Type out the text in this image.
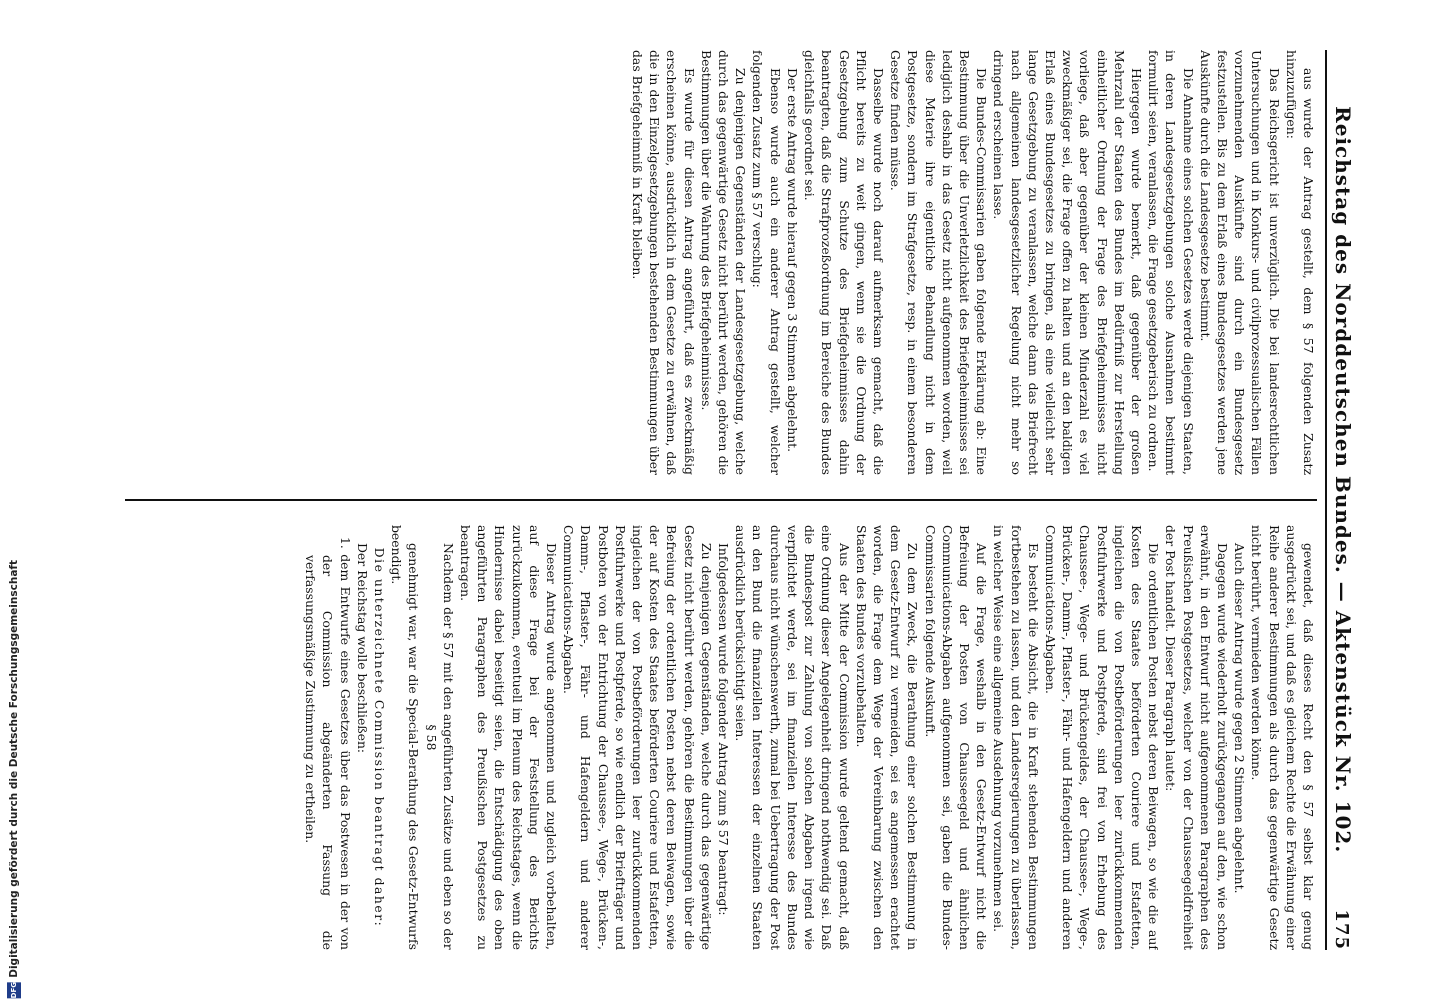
Reichstag des Norddeutschen Bundes. — Aktenstück Nr. 102.
175

aus wurde der Antrag gestellt, dem § 57 folgenden Zusatz hinzuzufügen:

Das Reichsgericht ist unverzüglich. Die bei landesrechtlichen Untersuchungen und in Konkurs- und civilprozessualischen Fällen vorzunehmenden Auskünfte sind durch ein Bundesgesetz festzustellen. Bis zu dem Erlaß eines Bundesgesetzes werden jene Auskünfte durch die Landesgesetze bestimmt.

Die Annahme eines solchen Gesetzes werde diejenigen Staaten, in deren Landesgesetzgebungen solche Ausnahmen bestimmt formulirt seien, veranlassen, die Frage gesetzgeberisch zu ordnen.

Hiergegen wurde bemerkt, daß gegenüber der großen Mehrzahl der Staaten des Bundes im Bedürfniß zur Herstellung einheitlicher Ordnung der Frage des Briefgeheimnisses nicht vorliege, daß aber gegenüber der kleinen Minderzahl es viel zweckmäßiger sei, die Frage offen zu halten und an den baldigen Erlaß eines Bundesgesetzes zu bringen, als eine vielleicht sehr lange Gesetzgebung zu veranlassen, welche dann das Briefrecht nach allgemeinen landesgesetzlicher Regelung nicht mehr so dringend erscheinen lasse.

Die Bundes-Commissarien gaben folgende Erklärung ab: Eine Bestimmung über die Unverletzlichkeit des Briefgeheimnisses sei lediglich deshalb in das Gesetz nicht aufgenommen worden, weil diese Materie ihre eigentliche Behandlung nicht in dem Postgesetze, sondern im Strafgesetze, resp. in einem besonderen Gesetze finden müsse.

Dasselbe wurde noch darauf aufmerksam gemacht, daß die Pflicht bereits zu weit gingen, wenn sie die Ordnung der Gesetzgebung zum Schutze des Briefgeheimnisses dahin beantragten, daß die Strafprozeßordnung im Bereiche des Bundes gleichfalls geordnet sei.

Der erste Antrag wurde hierauf gegen 3 Stimmen abgelehnt.

Ebenso wurde auch ein anderer Antrag gestellt, welcher folgenden Zusatz zum § 57 verschlug:

Zu denjenigen Gegenständen der Landesgesetzgebung, welche durch das gegenwärtige Gesetz nicht berührt werden, gehören die Bestimmungen über die Wahrung des Briefgeheimnisses.

Es wurde für diesen Antrag angeführt, daß es zweckmäßig erscheinen könne, ausdrücklich in dem Gesetze zu erwähnen, daß die in den Einzelgesetzgebungen bestehenden Bestimmungen über das Briefgeheimniß in Kraft bleiben.

gewendet, daß dieses Recht den § 57 selbst klar genug ausgedrückt sei, und daß es gleichem Rechte die Erwähnung einer Reihe anderer Bestimmungen als durch das gegenwärtige Gesetz nicht berührt, vermieden werden könne.

Auch dieser Antrag wurde gegen 2 Stimmen abgelehnt.

Dagegen wurde wiederholt zurückgegangen auf den, wie schon erwähnt, in den Entwurf nicht aufgenommenen Paragraphen des Preußischen Postgesetzes, welcher von der Chausseegeldfreiheit der Post handelt. Dieser Paragraph lautet:

Die ordentlichen Posten nebst deren Beiwagen, so wie die auf Kosten des Staates beförderten Couriere und Estafetten, ingleichen die von Postbeförderungen leer zurückkommenden Postfuhrwerke und Postpferde, sind frei von Erhebung des Chaussee-, Wege- und Brückengeldes, der Chaussee-, Wege-, Brücken-, Damm-, Pflaster-, Fähr- und Hafengeldern und anderen Communications-Abgaben.

Es besteht die Absicht, die in Kraft stehenden Bestimmungen fortbestehen zu lassen, und den Landesregierungen zu überlassen, in welcher Weise eine allgemeine Ausdehnung vorzunehmen sei.

Auf die Frage, weshalb in den Gesetz-Entwurf nicht die Befreiung der Posten von Chausseegeld und ähnlichen Communications-Abgaben aufgenommen sei, gaben die Bundes-Commissarien folgende Auskunft.

Zu dem Zweck, die Berathung einer solchen Bestimmung in dem Gesetz-Entwurf zu vermeiden, sei es angemessen erachtet worden, die Frage dem Wege der Vereinbarung zwischen den Staaten des Bundes vorzubehalten.

Aus der Mitte der Commission wurde geltend gemacht, daß eine Ordnung dieser Angelegenheit dringend nothwendig sei. Daß die Bundespost zur Zahlung von solchen Abgaben irgend wie verpflichtet werde, sei im finanziellen Interesse des Bundes durchaus nicht wünschenswerth, zumal bei Uebertragung der Post an den Bund die finanziellen Interessen der einzelnen Staaten ausdrücklich berücksichtigt seien.

Infolgedessen wurde folgender Antrag zum § 57 beantragt:

Zu denjenigen Gegenständen, welche durch das gegenwärtige Gesetz nicht berührt werden, gehören die Bestimmungen über die Befreiung der ordentlichen Posten nebst deren Beiwagen, sowie der auf Kosten des Staates beförderten Couriere und Estafetten, ingleichen der von Postbeförderungen leer zurückkommenden Postfuhrwerke und Postpferde, so wie endlich der Briefträger und Postboten von der Entrichtung der Chaussee-, Wege-, Brücken-, Damm-, Pflaster-, Fähr- und Hafengeldern und anderer Communications-Abgaben.

Dieser Antrag wurde angenommen und zugleich vorbehalten, auf diese Frage bei der Feststellung des Berichts zurückzukommen, eventuell im Plenum des Reichstages, wenn die Hindernisse dabei beseitigt seien, die Entschädigung des oben angeführten Paragraphen des Preußischen Postgesetzes zu beantragen.

Nachdem der § 57 mit den angeführten Zusätze und eben so der

§ 58

genehmigt war, war die Special-Berathung des Gesetz-Entwurfs beendigt.

Die unterzeichnete Commission beantragt daher:

Der Reichstag wolle beschließen:

1. dem Entwurfe eines Gesetzes über das Postwesen in der von der Commission abgeänderten Fassung die verfassungsmäßige Zustimmung zu ertheilen.

Digitalisierung gefördert durch die Deutsche Forschungsgemeinschaft
DFG
